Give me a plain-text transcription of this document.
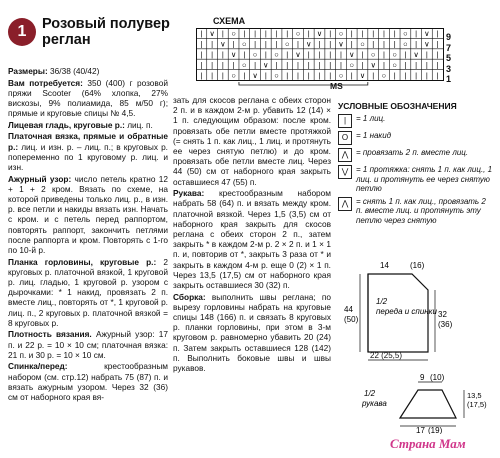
1	Розовый полувер реглан

Размеры: 36/38 (40/42)

Вам потребуется: 350 (400) г розовой пряжи Scooter (64% хлопка, 27% вискозы, 9% полиамида, 85 м/50 г); прямые и круговые спицы № 4,5.

Лицевая гладь, круговые р.: лиц. п.

Платочная вязка, прямые и обратные р.: лиц. и изн. р. – лиц. п.; в круговых р. попеременно по 1 круговому р. лиц. и изн.

Ажурный узор: число петель кратно 12 + 1 + 2 кром. Вязать по схеме, на которой приведены только лиц. р., в изн. р. все петли и накиды вязать изн. Начать с кром. и с петель перед раппортом, повторять раппорт, закончить петлями после раппорта и кром. Повторять с 1-го по 10-й р.

Планка горловины, круговые р.: 2 круговых р. платочной вязкой, 1 круговой р. лиц. гладью, 1 круговой р. узором с дырочками: * 1 накид, провязать 2 п. вместе лиц., повторять от *, 1 круговой р. лиц. п., 2 круговых р. платочной вязкой = 8 круговых р.

Плотность вязания. Ажурный узор: 17 п. и 22 р. = 10 × 10 см; платочная вязка: 21 п. и 30 р. = 10 × 10 см.

Спинка/перед: крестообразным набором (см. стр.12) набрать 75 (87) п. и вязать ажурным узором. Через 32 (36) см от наборного края вя-

зать для скосов реглана с обеих сторон 2 п. и в каждом 2-м р. убавить 12 (14) × 1 п. следующим образом: после кром. провязать обе петли вместе протяжкой (= снять 1 п. как лиц., 1 лиц. и протянуть ее через снятую петлю) и до кром. провязать обе петли вместе лиц. Через 44 (50) см от наборного края закрыть оставшиеся 47 (55) п.

Рукава: крестообразным набором набрать 58 (64) п. и вязать между кром. платочной вязкой. Через 1,5 (3,5) см от наборного края закрыть для скосов реглана с обеих сторон 2 п., затем закрыть * в каждом 2-м р. 2 × 2 п. и 1 × 1 п. и, повторив от *, закрыть 3 раза от * и закрыть в каждом 4-м р. еще 0 (2) × 1 п. Через 13,5 (17,5) см от наборного края закрыть оставшиеся 30 (32) п.

Сборка: выполнить швы реглана; по вырезу горловины набрать на круговые спицы 148 (166) п. и связать 8 круговых р. планки горловины, при этом в 3-м круговом р. равномерно убавить 20 (24) п. Затем закрыть оставшиеся 128 (142) п. Выполнить боковые швы и швы рукавов.

СХЕМА
| ∨ | ○ | | | | | ○ | ∨ | ○ | | | | | ○ | ∨ |
| | ∨ | ○ | | | ○ | ∨ | | ∨ | ○ | | | ○ | ∨ |
| | | ∨ | ○ | ○ | ∨ | | | | ∨ | ○ | ○ | ∨ | |
| | | | ○ | ∨ | | | | | | | ○ | ∨ | ○ | | | |
| | | ○ | ∨ | ○ | | | | | ○ | ∨ | ○ | | | | |
9
7
5
3
1
MS
УСЛОВНЫЕ ОБОЗНАЧЕНИЯ
|	= 1 лиц.
O = 1 накид
⋀ = провязать 2 п. вместе лиц.
⋁ = 1 протяжка: снять 1 п. как лиц., 1 лиц. и протянуть ее через снятую петлю
⋀ = снять 1 п. как лиц., провязать 2 п. вместе лиц. и протянуть эту петлю через снятую
44
(50)
32
(36)
1/2
переда и спинки
14	(16)
22 (25,5)
9 (10)
13,5
(17,5)
1/2
рукава
17 (19)
Страна Мам
